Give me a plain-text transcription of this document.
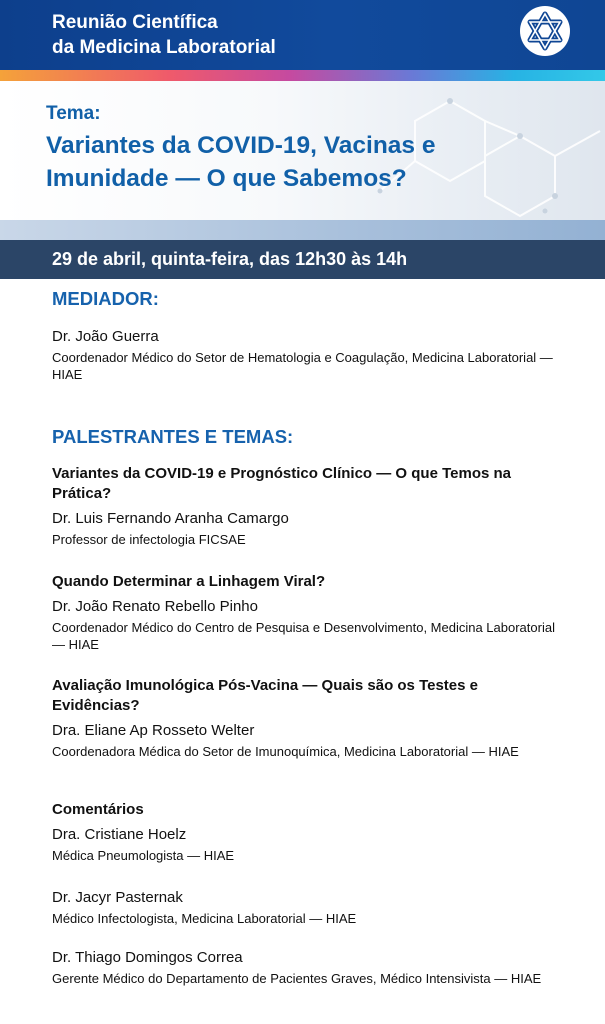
Reunião Científica
da Medicina Laboratorial
Tema:
Variantes da COVID-19, Vacinas e
Imunidade — O que Sabemos?
29 de abril, quinta-feira, das 12h30 às 14h
MEDIADOR:
Dr. João Guerra
Coordenador Médico do Setor de Hematologia e Coagulação, Medicina Laboratorial — HIAE
PALESTRANTES E TEMAS:
Variantes da COVID-19 e Prognóstico Clínico — O que Temos na Prática?
Dr. Luis Fernando Aranha Camargo
Professor de infectologia FICSAE
Quando Determinar a Linhagem Viral?
Dr. João Renato Rebello Pinho
Coordenador Médico do Centro de Pesquisa e Desenvolvimento, Medicina Laboratorial — HIAE
Avaliação Imunológica Pós-Vacina — Quais são os Testes e Evidências?
Dra. Eliane Ap Rosseto Welter
Coordenadora Médica do Setor de Imunoquímica, Medicina Laboratorial — HIAE
Comentários
Dra. Cristiane Hoelz
Médica Pneumologista — HIAE
Dr. Jacyr Pasternak
Médico Infectologista, Medicina Laboratorial — HIAE
Dr. Thiago Domingos Correa
Gerente Médico do Departamento de Pacientes Graves, Médico Intensivista — HIAE
